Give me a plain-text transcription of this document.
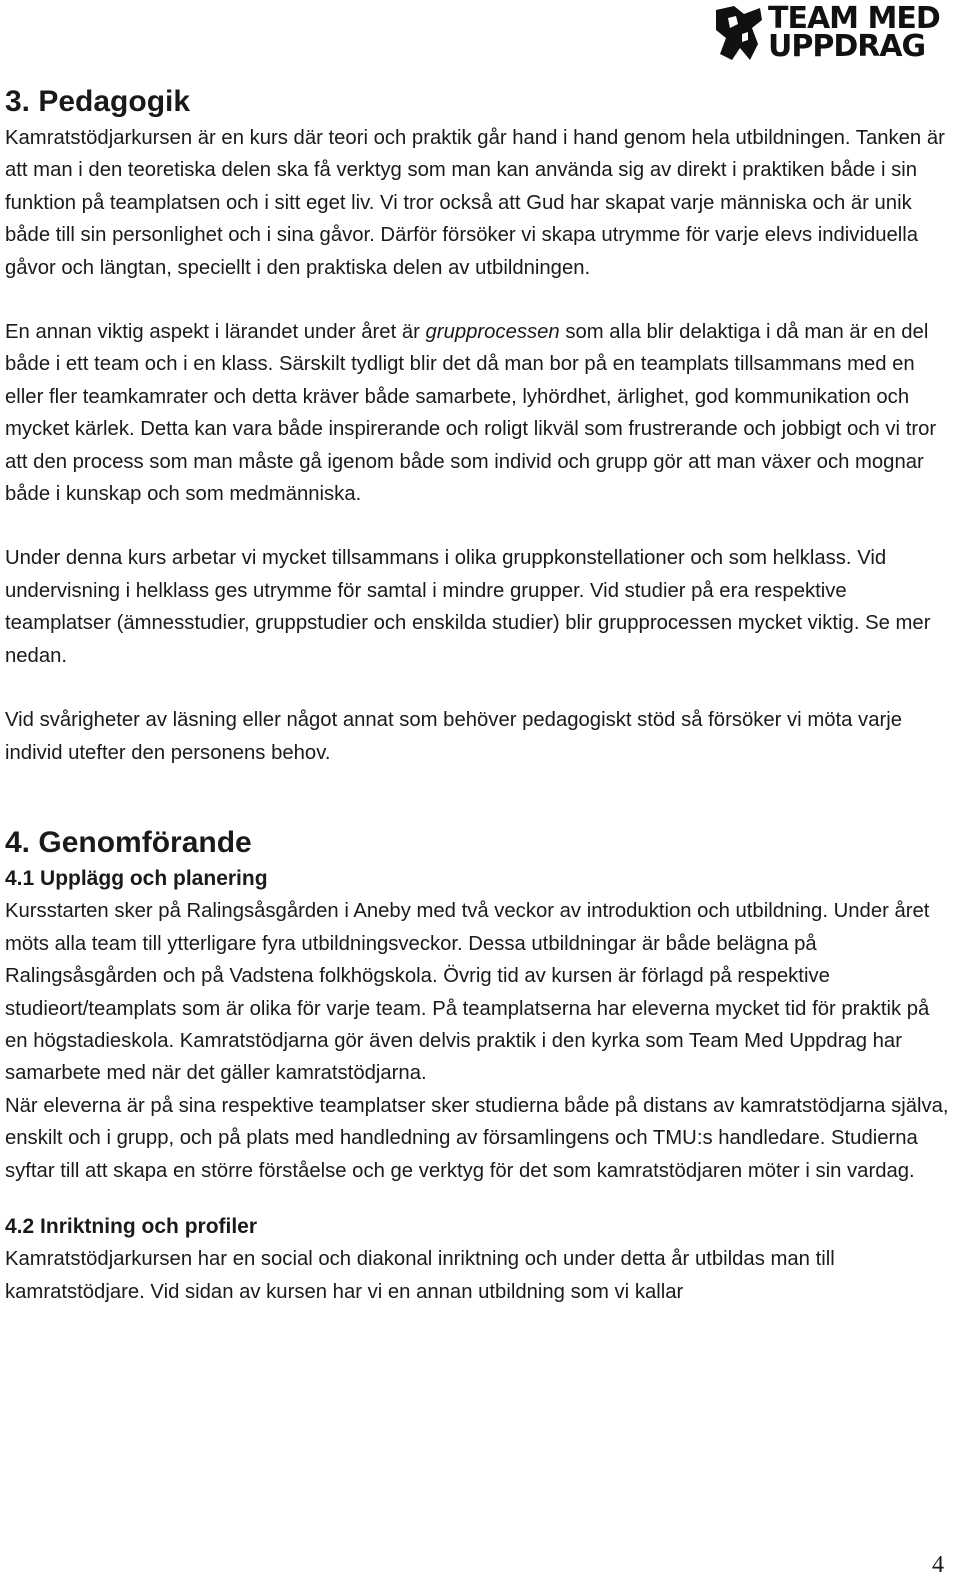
TEAM MED
UPPDRAG
3. Pedagogik

Kamratstödjarkursen är en kurs där teori och praktik går hand i hand genom hela utbildningen. Tanken är att man i den teoretiska delen ska få verktyg som man kan använda sig av direkt i praktiken både i sin funktion på teamplatsen och i sitt eget liv. Vi tror också att Gud har skapat varje människa och är unik både till sin personlighet och i sina gåvor. Därför försöker vi skapa utrymme för varje elevs individuella gåvor och längtan, speciellt i den praktiska delen av utbildningen.

En annan viktig aspekt i lärandet under året är grupprocessen som alla blir delaktiga i då man är en del både i ett team och i en klass. Särskilt tydligt blir det då man bor på en teamplats tillsammans med en eller fler teamkamrater och detta kräver både samarbete, lyhördhet, ärlighet, god kommunikation och mycket kärlek. Detta kan vara både inspirerande och roligt likväl som frustrerande och jobbigt och vi tror att den process som man måste gå igenom både som individ och grupp gör att man växer och mognar både i kunskap och som medmänniska.

Under denna kurs arbetar vi mycket tillsammans i olika gruppkonstellationer och som helklass. Vid undervisning i helklass ges utrymme för samtal i mindre grupper. Vid studier på era respektive teamplatser (ämnesstudier, gruppstudier och enskilda studier) blir grupprocessen mycket viktig. Se mer nedan.

Vid svårigheter av läsning eller något annat som behöver pedagogiskt stöd så försöker vi möta varje individ utefter den personens behov.

4. Genomförande
4.1 Upplägg och planering

Kursstarten sker på Ralingsåsgården i Aneby med två veckor av introduktion och utbildning. Under året möts alla team till ytterligare fyra utbildningsveckor. Dessa utbildningar är både belägna på Ralingsåsgården och på Vadstena folkhögskola. Övrig tid av kursen är förlagd på respektive studieort/teamplats som är olika för varje team. På teamplatserna har eleverna mycket tid för praktik på en högstadieskola. Kamratstödjarna gör även delvis praktik i den kyrka som Team Med Uppdrag har samarbete med när det gäller kamratstödjarna.

När eleverna är på sina respektive teamplatser sker studierna både på distans av kamratstödjarna själva, enskilt och i grupp, och på plats med handledning av församlingens och TMU:s handledare. Studierna syftar till att skapa en större förståelse och ge verktyg för det som kamratstödjaren möter i sin vardag.

4.2 Inriktning och profiler

Kamratstödjarkursen har en social och diakonal inriktning och under detta år utbildas man till kamratstödjare. Vid sidan av kursen har vi en annan utbildning som vi kallar

4
